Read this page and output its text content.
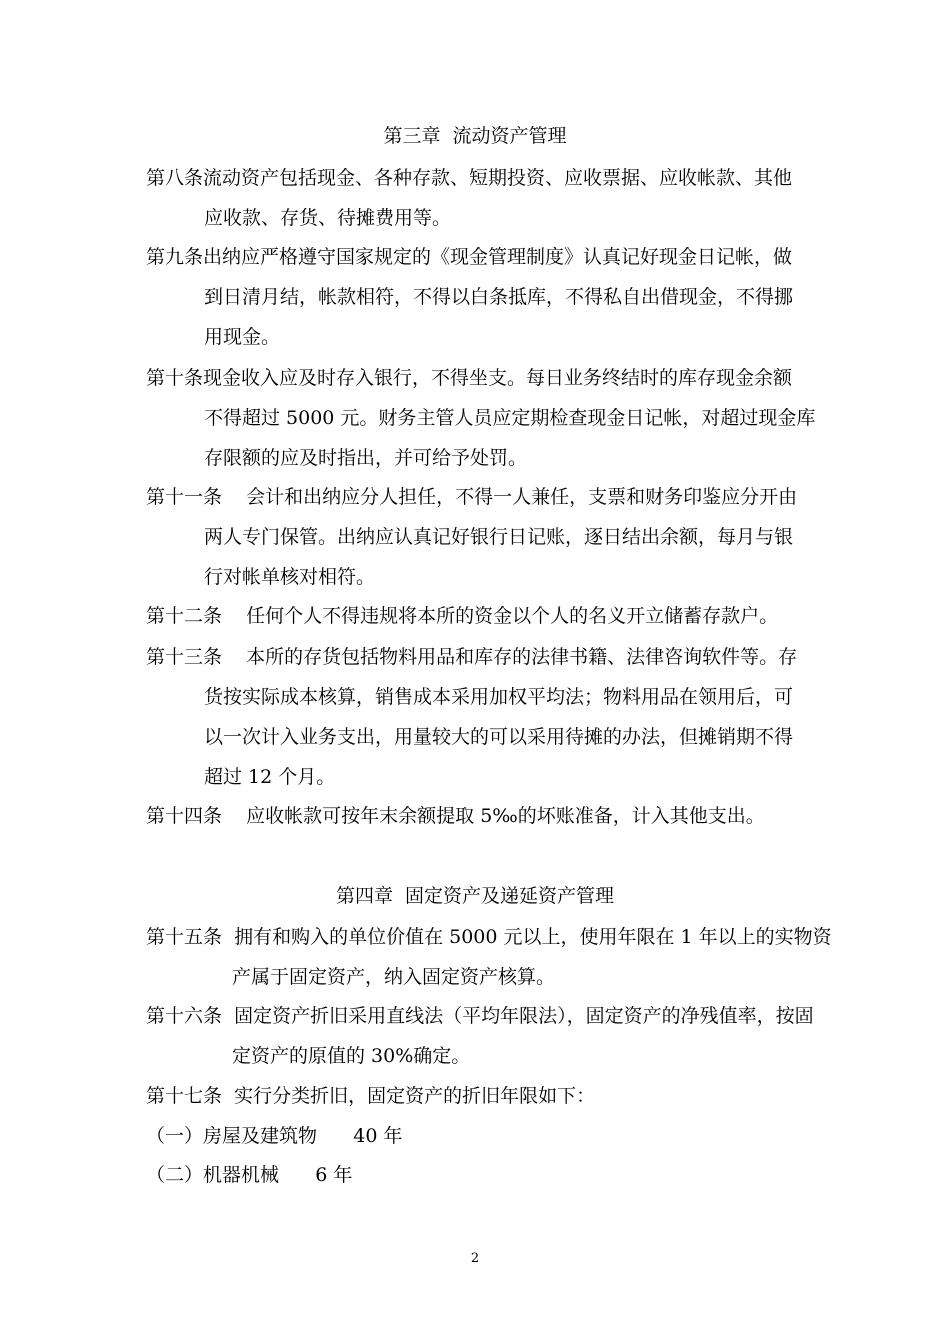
第三章  流动资产管理
第八条流动资产包括现金、各种存款、短期投资、应收票据、应收帐款、其他
应收款、存货、待摊费用等。
第九条出纳应严格遵守国家规定的《现金管理制度》认真记好现金日记帐，做
到日清月结，帐款相符，不得以白条抵库，不得私自出借现金，不得挪
用现金。
第十条现金收入应及时存入银行，不得坐支。每日业务终结时的库存现金余额
不得超过 5000 元。财务主管人员应定期检查现金日记帐，对超过现金库
存限额的应及时指出，并可给予处罚。
第十一条    会计和出纳应分人担任，不得一人兼任，支票和财务印鉴应分开由
两人专门保管。出纳应认真记好银行日记账，逐日结出余额，每月与银
行对帐单核对相符。
第十二条    任何个人不得违规将本所的资金以个人的名义开立储蓄存款户。
第十三条    本所的存货包括物料用品和库存的法律书籍、法律咨询软件等。存
货按实际成本核算，销售成本采用加权平均法；物料用品在领用后，可
以一次计入业务支出，用量较大的可以采用待摊的办法，但摊销期不得
超过 12 个月。
第十四条    应收帐款可按年末余额提取 5‰的坏账准备，计入其他支出。
第四章  固定资产及递延资产管理
第十五条  拥有和购入的单位价值在 5000 元以上，使用年限在 1 年以上的实物资
产属于固定资产，纳入固定资产核算。
第十六条  固定资产折旧采用直线法（平均年限法），固定资产的净残值率，按固
定资产的原值的 30%确定。
第十七条  实行分类折旧，固定资产的折旧年限如下：
（一）房屋及建筑物      40 年
（二）机器机械      6 年
2
